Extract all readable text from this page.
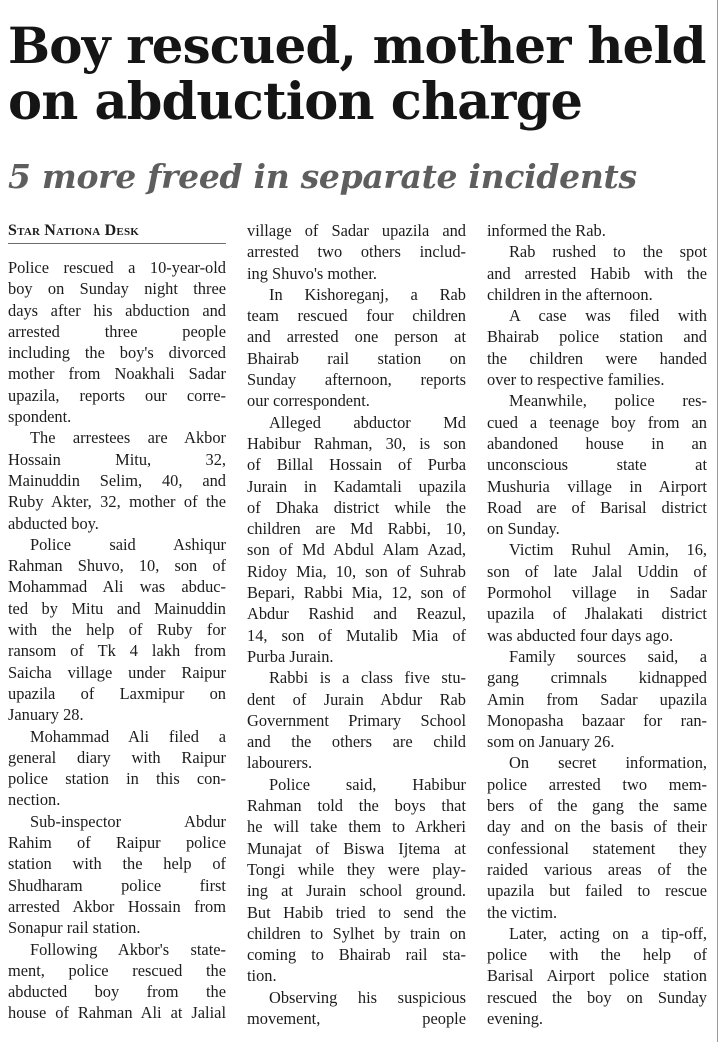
Boy rescued, mother held
on abduction charge
5 more freed in separate incidents
Star Nationa Desk
Police rescued a 10-year-old
boy on Sunday night three
days after his abduction and
arrested three people
including the boy's divorced
mother from Noakhali Sadar
upazila, reports our corre-
spondent.
The arrestees are Akbor
Hossain Mitu, 32,
Mainuddin Selim, 40, and
Ruby Akter, 32, mother of the
abducted boy.
Police said Ashiqur
Rahman Shuvo, 10, son of
Mohammad Ali was abduc-
ted by Mitu and Mainuddin
with the help of Ruby for
ransom of Tk 4 lakh from
Saicha village under Raipur
upazila of Laxmipur on
January 28.
Mohammad Ali filed a
general diary with Raipur
police station in this con-
nection.
Sub-inspector Abdur
Rahim of Raipur police
station with the help of
Shudharam police first
arrested Akbor Hossain from
Sonapur rail station.
Following Akbor's state-
ment, police rescued the
abducted boy from the
house of Rahman Ali at Jalial
village of Sadar upazila and
arrested two others includ-
ing Shuvo's mother.
In Kishoreganj, a Rab
team rescued four children
and arrested one person at
Bhairab rail station on
Sunday afternoon, reports
our correspondent.
Alleged abductor Md
Habibur Rahman, 30, is son
of Billal Hossain of Purba
Jurain in Kadamtali upazila
of Dhaka district while the
children are Md Rabbi, 10,
son of Md Abdul Alam Azad,
Ridoy Mia, 10, son of Suhrab
Bepari, Rabbi Mia, 12, son of
Abdur Rashid and Reazul,
14, son of Mutalib Mia of
Purba Jurain.
Rabbi is a class five stu-
dent of Jurain Abdur Rab
Government Primary School
and the others are child
labourers.
Police said, Habibur
Rahman told the boys that
he will take them to Arkheri
Munajat of Biswa Ijtema at
Tongi while they were play-
ing at Jurain school ground.
But Habib tried to send the
children to Sylhet by train on
coming to Bhairab rail sta-
tion.
Observing his suspicious
movement, people
informed the Rab.
Rab rushed to the spot
and arrested Habib with the
children in the afternoon.
A case was filed with
Bhairab police station and
the children were handed
over to respective families.
Meanwhile, police res-
cued a teenage boy from an
abandoned house in an
unconscious state at
Mushuria village in Airport
Road are of Barisal district
on Sunday.
Victim Ruhul Amin, 16,
son of late Jalal Uddin of
Pormohol village in Sadar
upazila of Jhalakati district
was abducted four days ago.
Family sources said, a
gang crimnals kidnapped
Amin from Sadar upazila
Monopasha bazaar for ran-
som on January 26.
On secret information,
police arrested two mem-
bers of the gang the same
day and on the basis of their
confessional statement they
raided various areas of the
upazila but failed to rescue
the victim.
Later, acting on a tip-off,
police with the help of
Barisal Airport police station
rescued the boy on Sunday
evening.
